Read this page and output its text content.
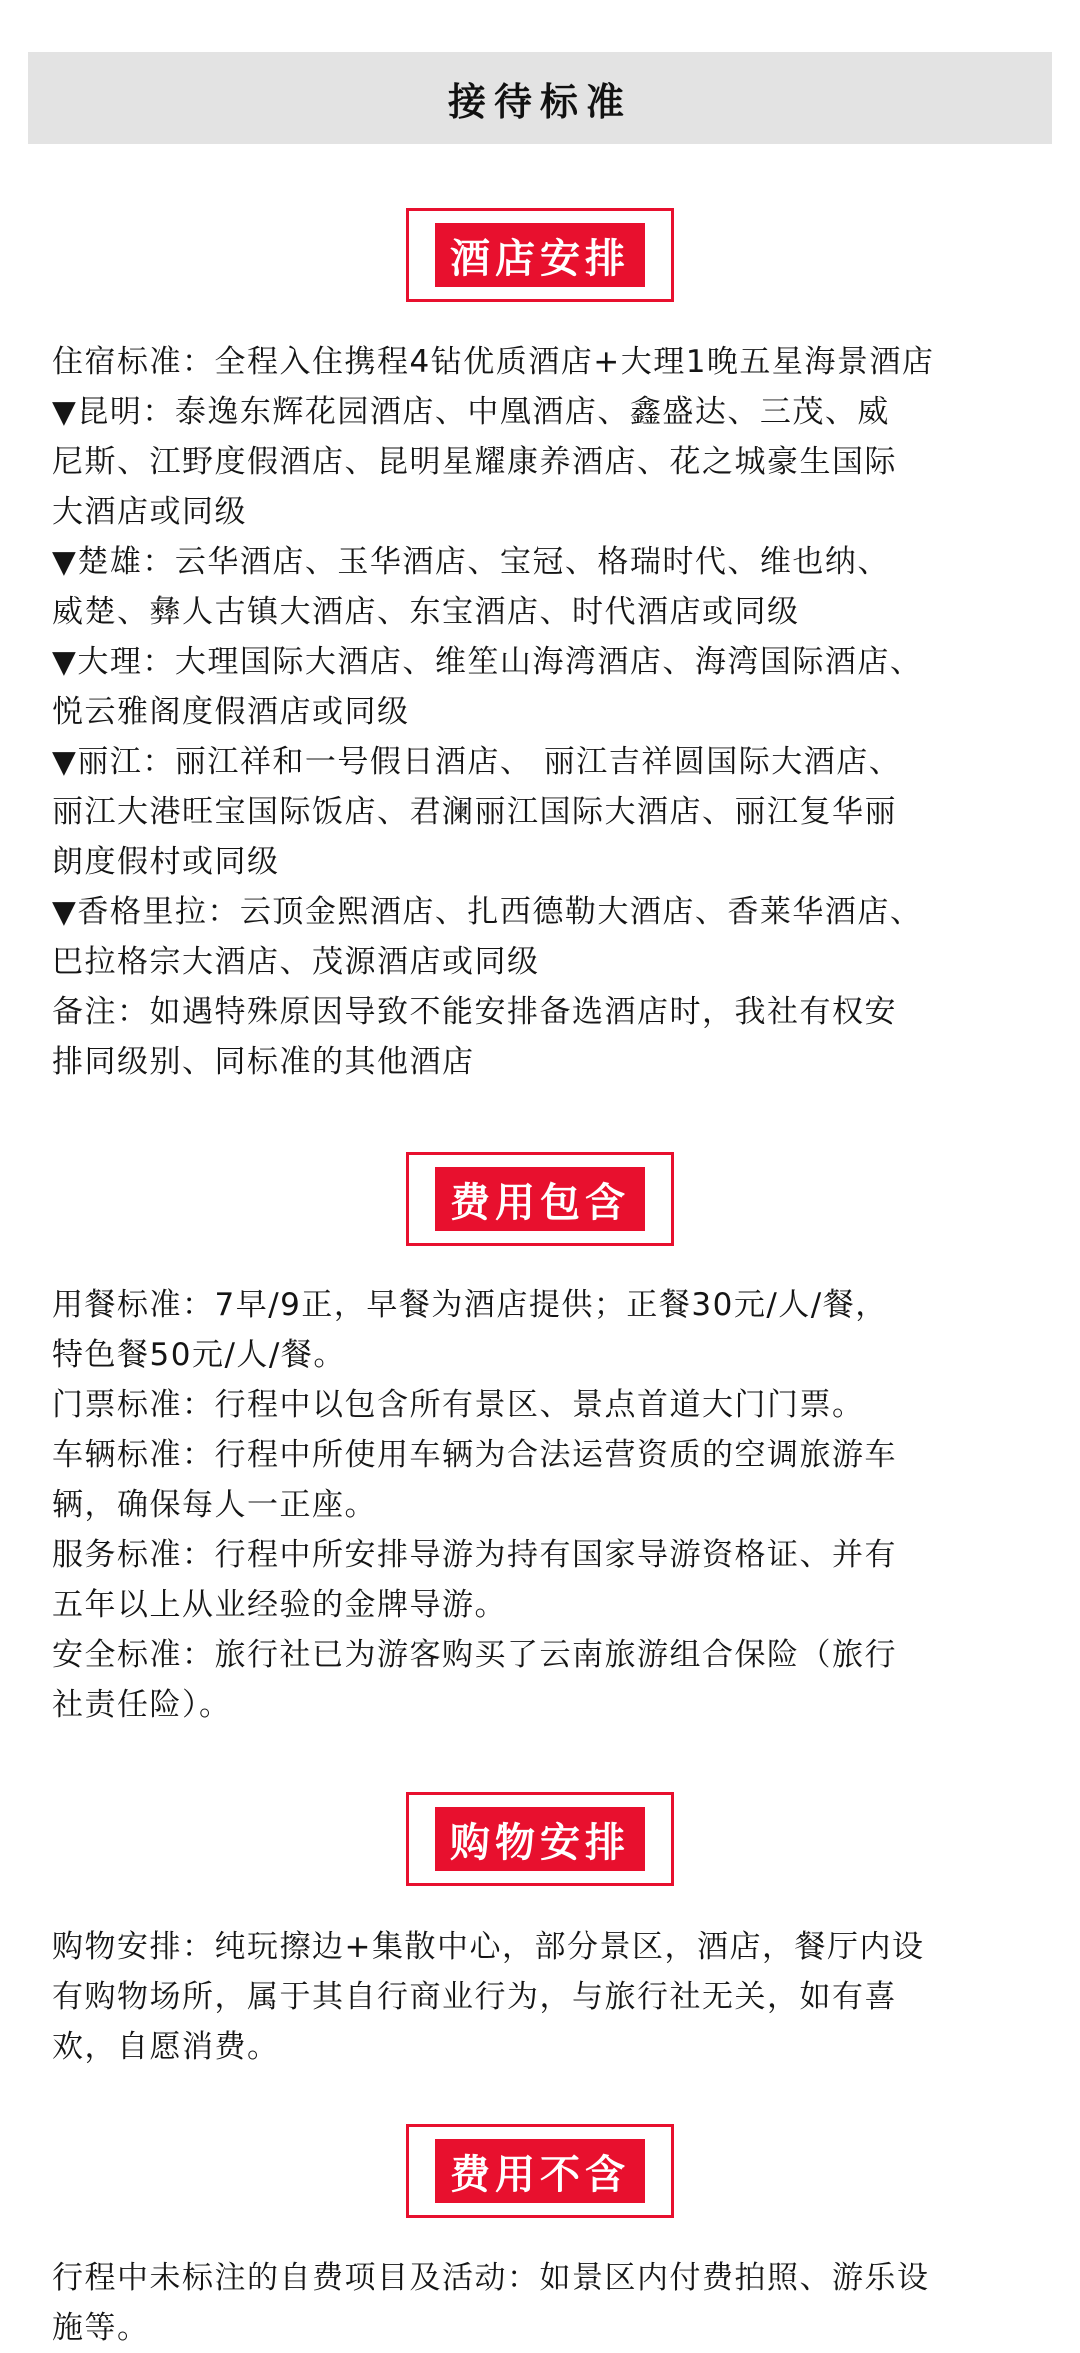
接待标准
酒店安排

住宿标准：全程入住携程4钻优质酒店+大理1晚五星海景酒店

▼昆明：泰逸东辉花园酒店、中凰酒店、鑫盛达、三茂、威

尼斯、江野度假酒店、昆明星耀康养酒店、花之城豪生国际

大酒店或同级

▼楚雄：云华酒店、玉华酒店、宝冠、格瑞时代、维也纳、

威楚、彝人古镇大酒店、东宝酒店、时代酒店或同级

▼大理：大理国际大酒店、维笙山海湾酒店、海湾国际酒店、

悦云雅阁度假酒店或同级

▼丽江：丽江祥和一号假日酒店、 丽江吉祥圆国际大酒店、

丽江大港旺宝国际饭店、君澜丽江国际大酒店、丽江复华丽

朗度假村或同级

▼香格里拉：云顶金熙酒店、扎西德勒大酒店、香莱华酒店、

巴拉格宗大酒店、茂源酒店或同级

备注：如遇特殊原因导致不能安排备选酒店时，我社有权安

排同级别、同标准的其他酒店

费用包含

用餐标准：7早/9正，早餐为酒店提供；正餐30元/人/餐，

特色餐50元/人/餐。

门票标准：行程中以包含所有景区、景点首道大门门票。

车辆标准：行程中所使用车辆为合法运营资质的空调旅游车

辆，确保每人一正座。

服务标准：行程中所安排导游为持有国家导游资格证、并有

五年以上从业经验的金牌导游。

安全标准：旅行社已为游客购买了云南旅游组合保险（旅行

社责任险）。

购物安排

购物安排：纯玩擦边+集散中心，部分景区，酒店，餐厅内设

有购物场所，属于其自行商业行为，与旅行社无关，如有喜

欢，自愿消费。

费用不含

行程中未标注的自费项目及活动：如景区内付费拍照、游乐设

施等。
